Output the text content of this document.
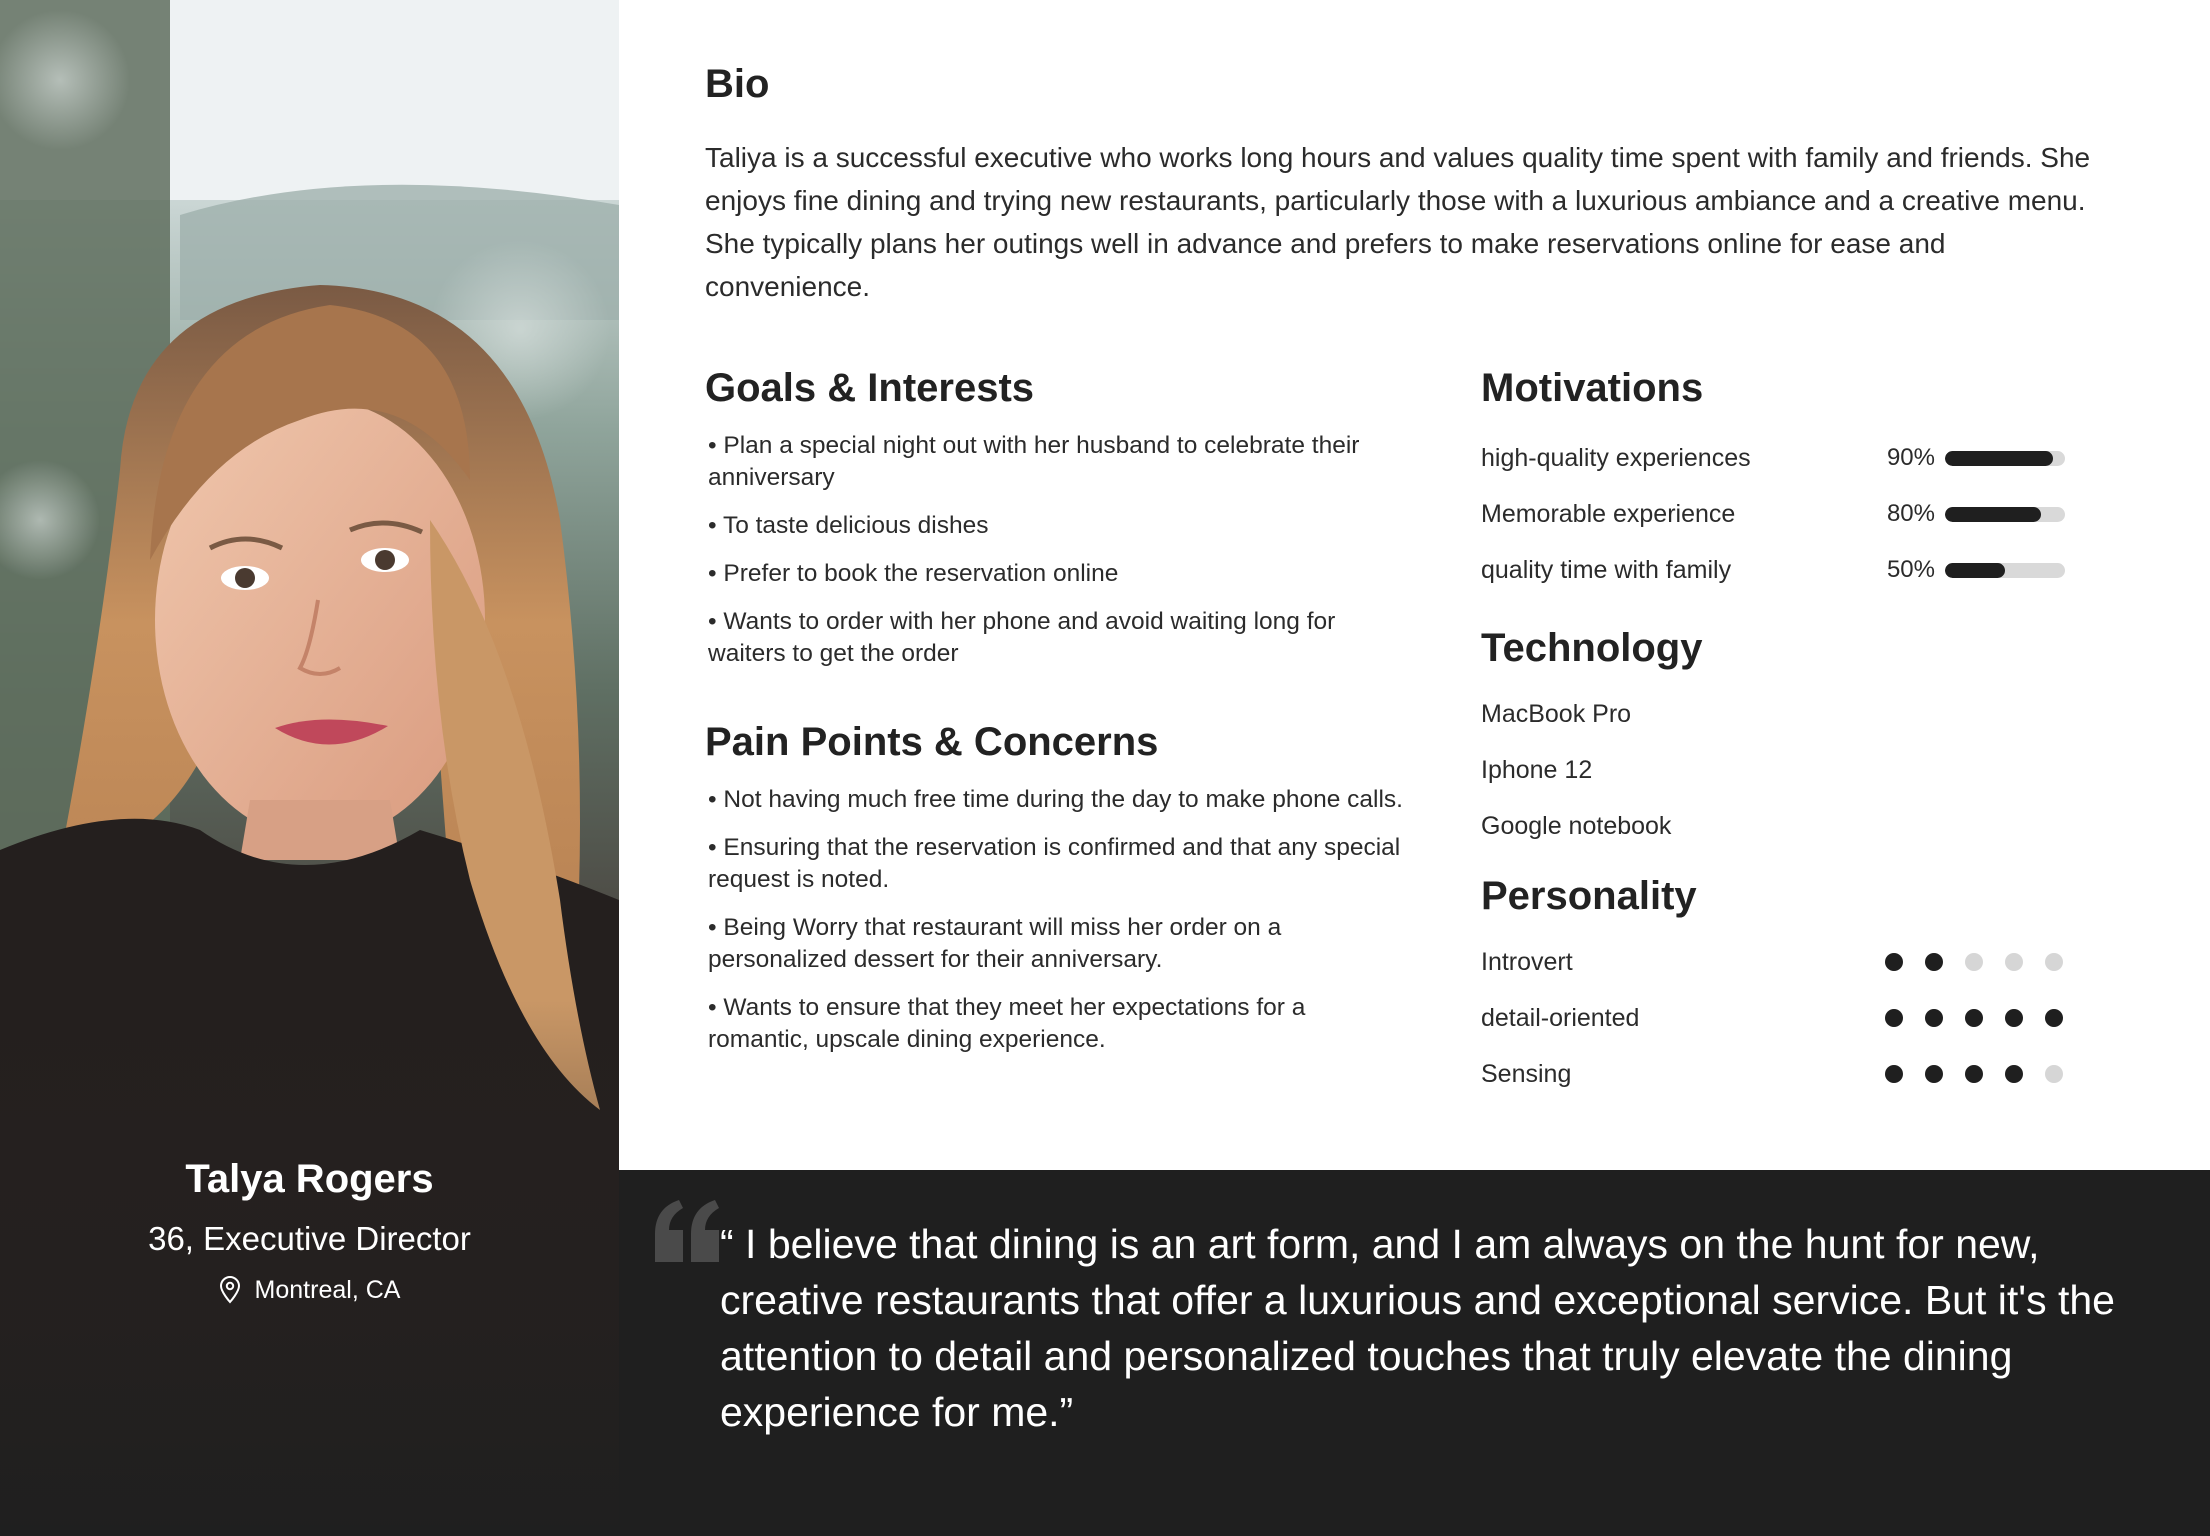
Talya Rogers

36, Executive Director

Montreal, CA
Bio

Taliya is a successful executive who works long hours and values quality time spent with family and friends. She enjoys fine dining and trying new restaurants, particularly those with a luxurious ambiance and a creative menu. She typically plans her outings well in advance and prefers to make reservations online for ease and convenience.

Goals & Interests
• Plan a special night out with her husband to celebrate their anniversary
• To taste delicious dishes
• Prefer to book the reservation online
• Wants to order with her phone and avoid waiting long for waiters to get the order
Pain Points & Concerns
• Not having much free time during the day to make phone calls.
• Ensuring that the reservation is confirmed and that any special request is noted.
• Being Worry that restaurant will miss her order on a personalized dessert for their anniversary.
• Wants to ensure that they meet her expectations for a romantic, upscale dining experience.
Motivations
high-quality experiences	90%
Memorable experience	80%
quality time with family	50%
Technology
MacBook Pro
Iphone 12
Google notebook
Personality
Introvert
detail-oriented
Sensing

“ I believe that dining is an art form, and I am always on the hunt for new, creative restaurants that offer a luxurious and exceptional service. But it's the attention to detail and personalized touches that truly elevate the dining experience for me.”
